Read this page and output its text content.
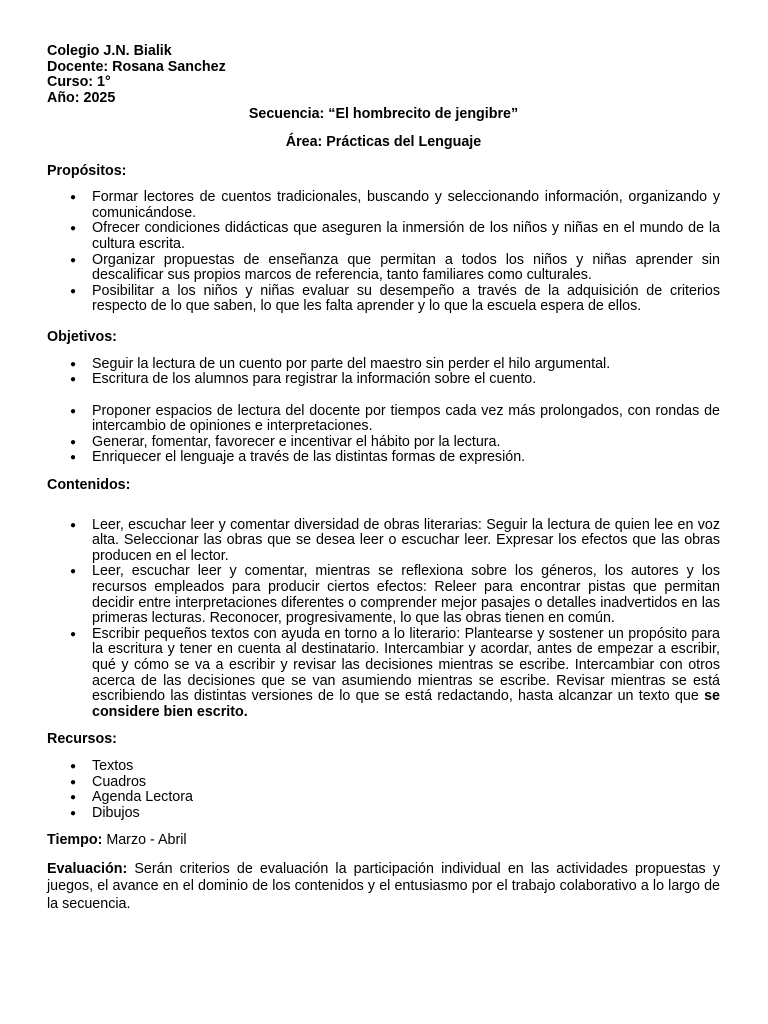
Colegio J.N. Bialik
Docente: Rosana Sanchez
Curso: 1°
Año: 2025
Secuencia: “El hombrecito de jengibre”
Área: Prácticas del Lenguaje
Propósitos:
● Formar lectores de cuentos tradicionales, buscando y seleccionando información, organizando y comunicándose.
● Ofrecer condiciones didácticas que aseguren la inmersión de los niños y niñas en el mundo de la cultura escrita.
● Organizar propuestas de enseñanza que permitan a todos los niños y niñas aprender sin descalificar sus propios marcos de referencia, tanto familiares como culturales.
● Posibilitar a los niños y niñas evaluar su desempeño a través de la adquisición de criterios respecto de lo que saben, lo que les falta aprender y lo que la escuela espera de ellos.
Objetivos:
● Seguir la lectura de un cuento por parte del maestro sin perder el hilo argumental.
● Escritura de los alumnos para registrar la información sobre el cuento.
● Proponer espacios de lectura del docente por tiempos cada vez más prolongados, con rondas de intercambio de opiniones e interpretaciones.
● Generar, fomentar, favorecer e incentivar el hábito por la lectura.
● Enriquecer el lenguaje a través de las distintas formas de expresión.
Contenidos:
● Leer, escuchar leer y comentar diversidad de obras literarias: Seguir la lectura de quien lee en voz alta. Seleccionar las obras que se desea leer o escuchar leer. Expresar los efectos que las obras producen en el lector.
● Leer, escuchar leer y comentar, mientras se reflexiona sobre los géneros, los autores y los recursos empleados para producir ciertos efectos: Releer para encontrar pistas que permitan decidir entre interpretaciones diferentes o comprender mejor pasajes o detalles inadvertidos en las primeras lecturas. Reconocer, progresivamente, lo que las obras tienen en común.
● Escribir pequeños textos con ayuda en torno a lo literario: Plantearse y sostener un propósito para la escritura y tener en cuenta al destinatario. Intercambiar y acordar, antes de empezar a escribir, qué y cómo se va a escribir y revisar las decisiones mientras se escribe. Intercambiar con otros acerca de las decisiones que se van asumiendo mientras se escribe. Revisar mientras se está escribiendo las distintas versiones de lo que se está redactando, hasta alcanzar un texto que se considere bien escrito.
Recursos:
● Textos
● Cuadros
● Agenda Lectora
● Dibujos
Tiempo: Marzo - Abril
Evaluación: Serán criterios de evaluación la participación individual en las actividades propuestas y juegos, el avance en el dominio de los contenidos y el entusiasmo por el trabajo colaborativo a lo largo de la secuencia.
